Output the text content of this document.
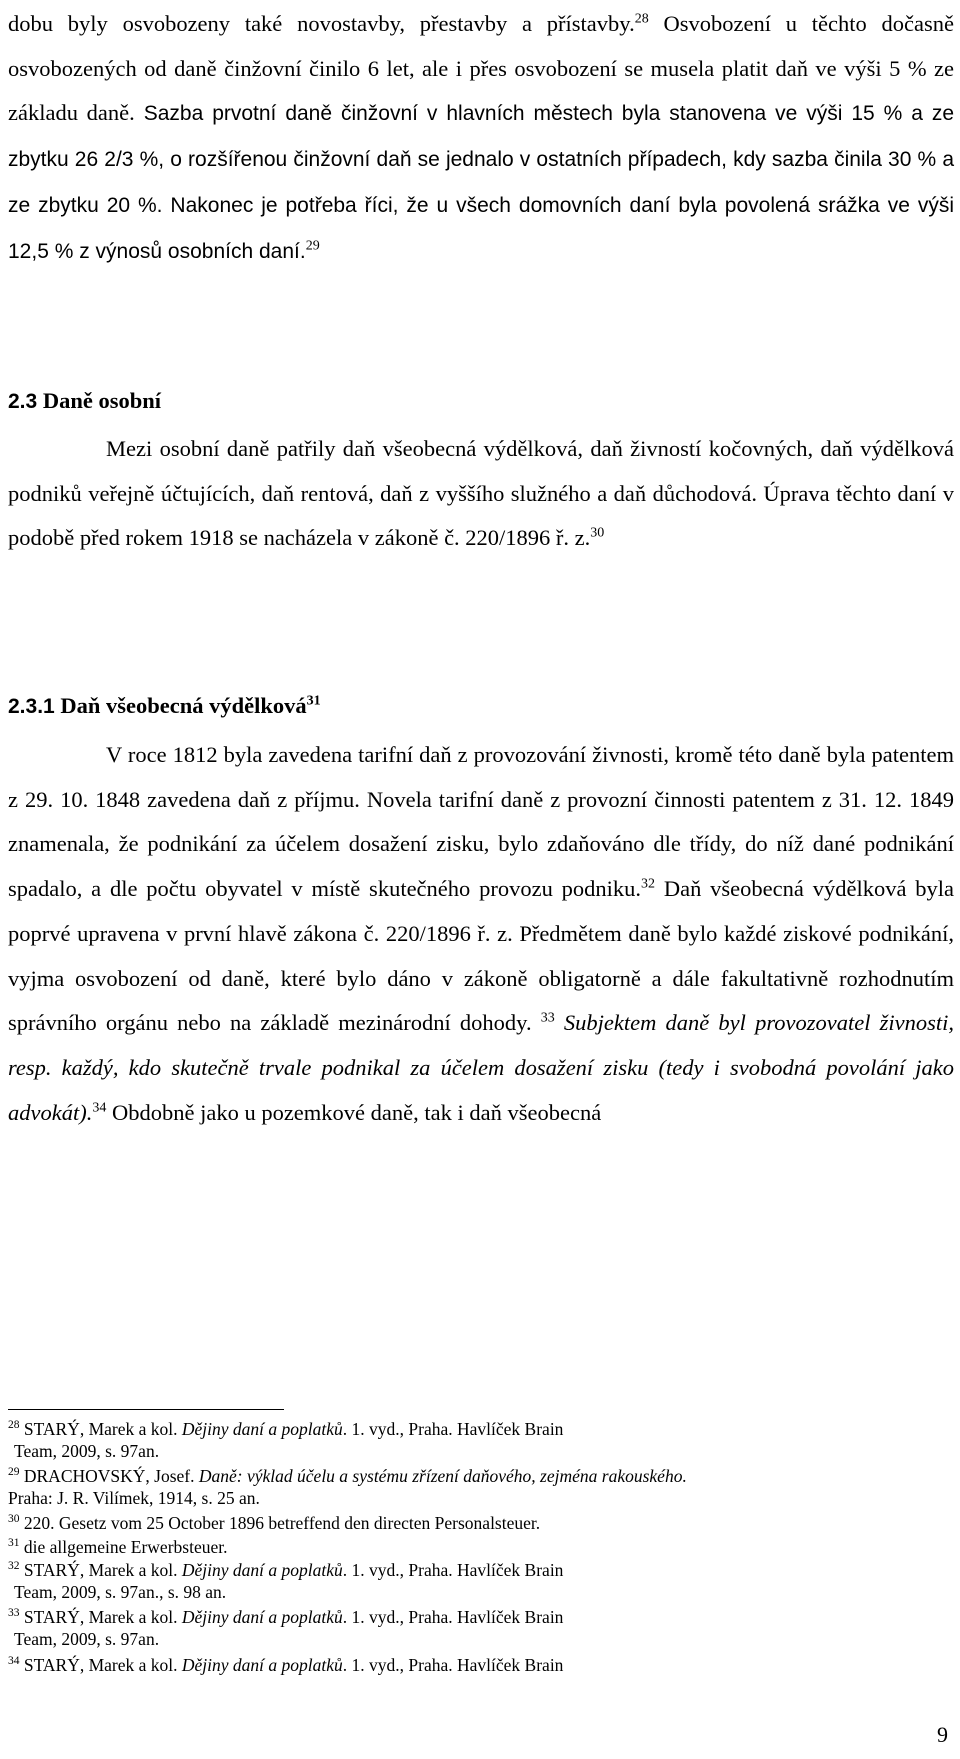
dobu byly osvobozeny také novostavby, přestavby a přístavby.$^{28}$ Osvobození u těchto dočasně osvobozených od daně činžovní činilo 6 let, ale i přes osvobození se musela platit daň ve výši 5 % ze základu daně. Sazba prvotní daně činžovní v hlavních městech byla stanovena ve výši 15 % a ze zbytku 26 2/3 %, o rozšířenou činžovní daň se jednalo v ostatních případech, kdy sazba činila 30 % a ze zbytku 20 %. Nakonec je potřeba říci, že u všech domovních daní byla povolená srážka ve výši 12,5 % z výnosů osobních daní.$^{29}$

2.3 Daně osobní

Mezi osobní daně patřily daň všeobecná výdělková, daň živností kočovných, daň výdělková podniků veřejně účtujících, daň rentová, daň z vyššího služného a daň důchodová. Úprava těchto daní v podobě před rokem 1918 se nacházela v zákoně č. 220/1896 ř. z.$^{30}$

2.3.1 Daň všeobecná výdělková$^{31}$

V roce 1812 byla zavedena tarifní daň z provozování živnosti, kromě této daně byla patentem z 29. 10. 1848 zavedena daň z příjmu. Novela tarifní daně z provozní činnosti patentem z 31. 12. 1849 znamenala, že podnikání za účelem dosažení zisku, bylo zdaňováno dle třídy, do níž dané podnikání spadalo, a dle počtu obyvatel v místě skutečného provozu podniku.$^{32}$ Daň všeobecná výdělková byla poprvé upravena v první hlavě zákona č. 220/1896 ř. z. Předmětem daně bylo každé ziskové podnikání, vyjma osvobození od daně, které bylo dáno v zákoně obligatorně a dále fakultativně rozhodnutím správního orgánu nebo na základě mezinárodní dohody. $^{33}$ Subjektem daně byl provozovatel živnosti, resp. každý, kdo skutečně trvale podnikal za účelem dosažení zisku (tedy i svobodná povolání jako advokát).$^{34}$ Obdobně jako u pozemkové daně, tak i daň všeobecná

$^{28}$ STARÝ, Marek a kol. Dějiny daní a poplatků. 1. vyd., Praha. Havlíček Brain
Team, 2009, s. 97an.

$^{29}$ DRACHOVSKÝ, Josef. Daně: výklad účelu a systému zřízení daňového, zejména rakouského.
Praha: J. R. Vilímek, 1914, s. 25 an.

$^{30}$ 220. Gesetz vom 25 October 1896 betreffend den directen Personalsteuer.

$^{31}$ die allgemeine Erwerbsteuer.

$^{32}$ STARÝ, Marek a kol. Dějiny daní a poplatků. 1. vyd., Praha. Havlíček Brain
Team, 2009, s. 97an., s. 98 an.

$^{33}$ STARÝ, Marek a kol. Dějiny daní a poplatků. 1. vyd., Praha. Havlíček Brain
Team, 2009, s. 97an.

$^{34}$ STARÝ, Marek a kol. Dějiny daní a poplatků. 1. vyd., Praha. Havlíček Brain

9
